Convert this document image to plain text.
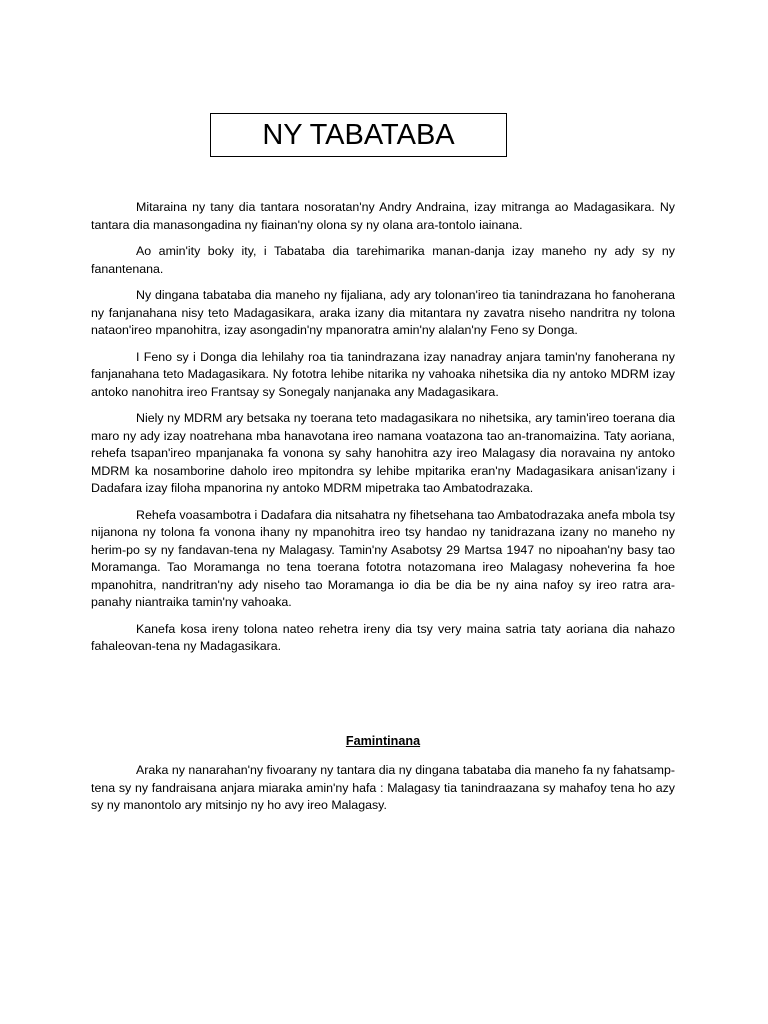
NY TABATABA

Mitaraina ny tany dia tantara nosoratan'ny Andry Andraina, izay mitranga ao Madagasikara. Ny tantara dia manasongadina ny fiainan'ny olona sy ny olana ara-tontolo iainana.

Ao amin'ity boky ity, i Tabataba dia tarehimarika manan-danja izay maneho ny ady sy ny fanantenana.

Ny dingana tabataba dia maneho ny fijaliana, ady ary tolonan'ireo tia tanindrazana ho fanoherana ny fanjanahana nisy teto Madagasikara, araka izany dia mitantara ny zavatra niseho nandritra ny tolona nataon'ireo mpanohitra, izay asongadin'ny mpanoratra amin'ny alalan'ny Feno sy Donga.

I Feno sy i Donga dia lehilahy roa tia tanindrazana izay nanadray anjara tamin'ny fanoherana ny fanjanahana teto Madagasikara. Ny fototra lehibe nitarika ny vahoaka nihetsika dia ny antoko MDRM izay antoko nanohitra ireo Frantsay sy Sonegaly nanjanaka any Madagasikara.

Niely ny MDRM ary betsaka ny toerana teto madagasikara no nihetsika, ary tamin'ireo toerana dia maro ny ady izay noatrehana mba hanavotana ireo namana voatazona tao an-tranomaizina. Taty aoriana, rehefa tsapan'ireo mpanjanaka fa vonona sy sahy hanohitra azy ireo Malagasy dia noravaina ny antoko MDRM ka nosamborine daholo ireo mpitondra sy lehibe mpitarika eran'ny Madagasikara anisan'izany i Dadafara izay filoha mpanorina ny antoko MDRM mipetraka tao Ambatodrazaka.

Rehefa voasambotra i Dadafara dia nitsahatra ny fihetsehana tao Ambatodrazaka anefa mbola tsy nijanona ny tolona fa vonona ihany ny mpanohitra ireo tsy handao ny tanidrazana izany no maneho ny herim-po sy ny fandavan-tena ny Malagasy. Tamin'ny Asabotsy 29 Martsa 1947 no nipoahan'ny basy tao Moramanga. Tao Moramanga no tena toerana fototra notazomana ireo Malagasy noheverina fa hoe mpanohitra, nandritran'ny ady niseho tao Moramanga io dia be dia be ny aina nafoy sy ireo ratra ara-panahy niantraika tamin'ny vahoaka.

Kanefa kosa ireny tolona nateo rehetra ireny dia tsy very maina satria taty aoriana dia nahazo fahaleovan-tena ny Madagasikara.

Famintinana

Araka ny nanarahan'ny fivoarany ny tantara dia ny dingana tabataba dia maneho fa ny fahatsamp-tena sy ny fandraisana anjara miaraka amin'ny hafa : Malagasy tia tanindraazana sy mahafoy tena ho azy sy ny manontolo ary mitsinjo ny ho avy ireo Malagasy.
